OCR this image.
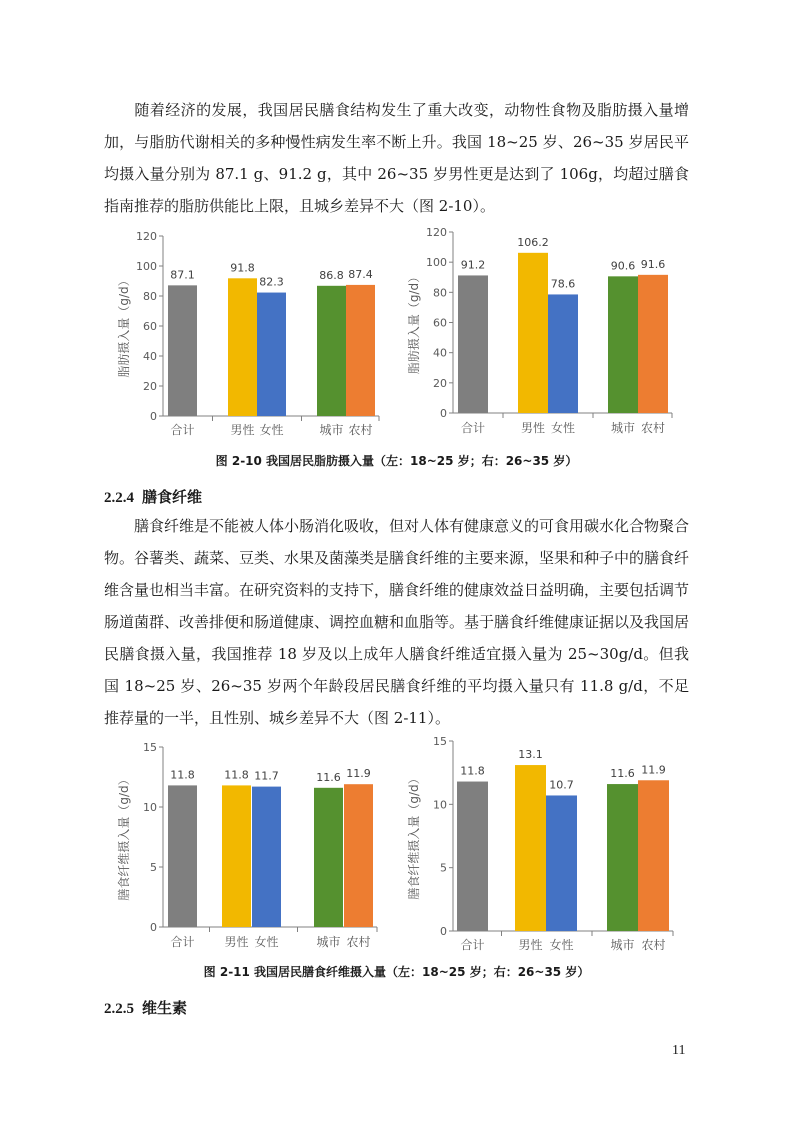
随着经济的发展，我国居民膳食结构发生了重大改变，动物性食物及脂肪摄入量增加，与脂肪代谢相关的多种慢性病发生率不断上升。我国 18~25 岁、26~35 岁居民平均摄入量分别为 87.1 g、91.2 g，其中 26~35 岁男性更是达到了 106g，均超过膳食指南推荐的脂肪供能比上限，且城乡差异不大（图 2-10）。

0
20
40
60
80
100
120
脂肪摄入量（g/d）	87.1
合计
91.8
男性
82.3
女性
86.8
城市
87.4
农村
0
20
40
60
80
100
120
脂肪摄入量（g/d）
91.2
合计
106.2
男性
78.6
女性
90.6
城市
91.6
农村
图 2-10 我国居民脂肪摄入量（左：18~25 岁；右：26~35 岁）
2.2.4 膳食纤维

膳食纤维是不能被人体小肠消化吸收，但对人体有健康意义的可食用碳水化合物聚合物。谷薯类、蔬菜、豆类、水果及菌藻类是膳食纤维的主要来源，坚果和种子中的膳食纤维含量也相当丰富。在研究资料的支持下，膳食纤维的健康效益日益明确，主要包括调节肠道菌群、改善排便和肠道健康、调控血糖和血脂等。基于膳食纤维健康证据以及我国居民膳食摄入量，我国推荐 18 岁及以上成年人膳食纤维适宜摄入量为 25~30g/d。但我国 18~25 岁、26~35 岁两个年龄段居民膳食纤维的平均摄入量只有 11.8 g/d，不足推荐量的一半，且性别、城乡差异不大（图 2-11）。

0
5
10
15
膳食纤维摄入量（g/d）	11.8
合计
11.8
男性
11.7
女性
11.6
城市
11.9
农村
0
5
10
15
膳食纤维摄入量（g/d）
11.8
合计
13.1
男性
10.7
女性
11.6
城市
11.9
农村
图 2-11 我国居民膳食纤维摄入量（左：18~25 岁；右：26~35 岁）
2.2.5 维生素
11
